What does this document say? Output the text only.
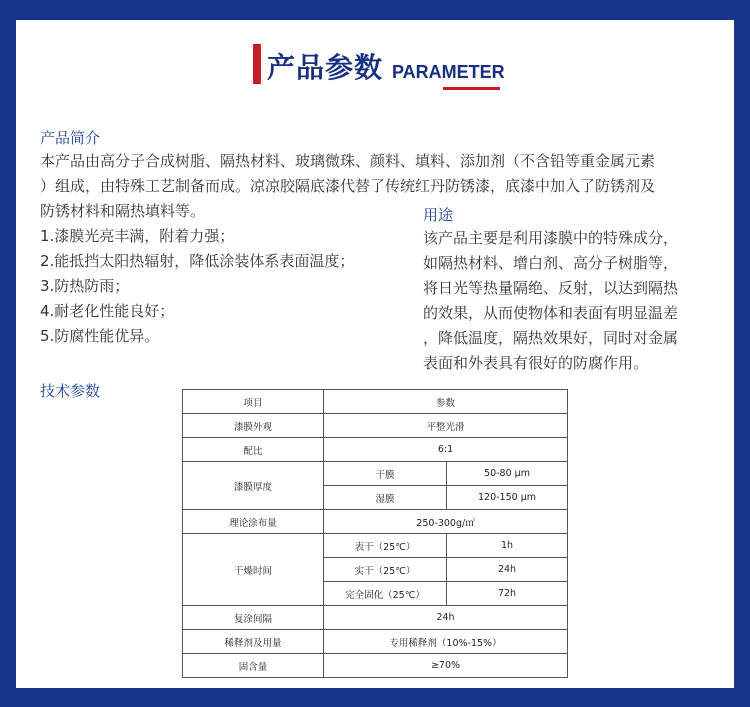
产品参数 PARAMETER
产品简介
本产品由高分子合成树脂、隔热材料、玻璃微珠、颜料、填料、添加剂（不含铅等重金属元素
）组成，由特殊工艺制备而成。凉凉胶隔底漆代替了传统红丹防锈漆，底漆中加入了防锈剂及
防锈材料和隔热填料等。
1.漆膜光亮丰满，附着力强；
2.能抵挡太阳热辐射，降低涂装体系表面温度；
3.防热防雨；
4.耐老化性能良好；
5.防腐性能优异。
用途
该产品主要是利用漆膜中的特殊成分，
如隔热材料、增白剂、高分子树脂等，
将日光等热量隔绝、反射，以达到隔热
的效果，从而使物体和表面有明显温差
，降低温度，隔热效果好，同时对金属
表面和外表具有很好的防腐作用。
技术参数
项目	参数	
漆膜外观	平整光滑	
配比	6:1	
漆膜厚度	干膜	50-80 μm
	湿膜	120-150 μm
理论涂布量	250-300g/㎡	
干燥时间	表干（25℃）	1h
	实干（25℃）	24h
	完全固化（25℃）	72h
复涂间隔	24h	
稀释剂及用量	专用稀释剂（10%-15%）	
固含量	≥70%	
